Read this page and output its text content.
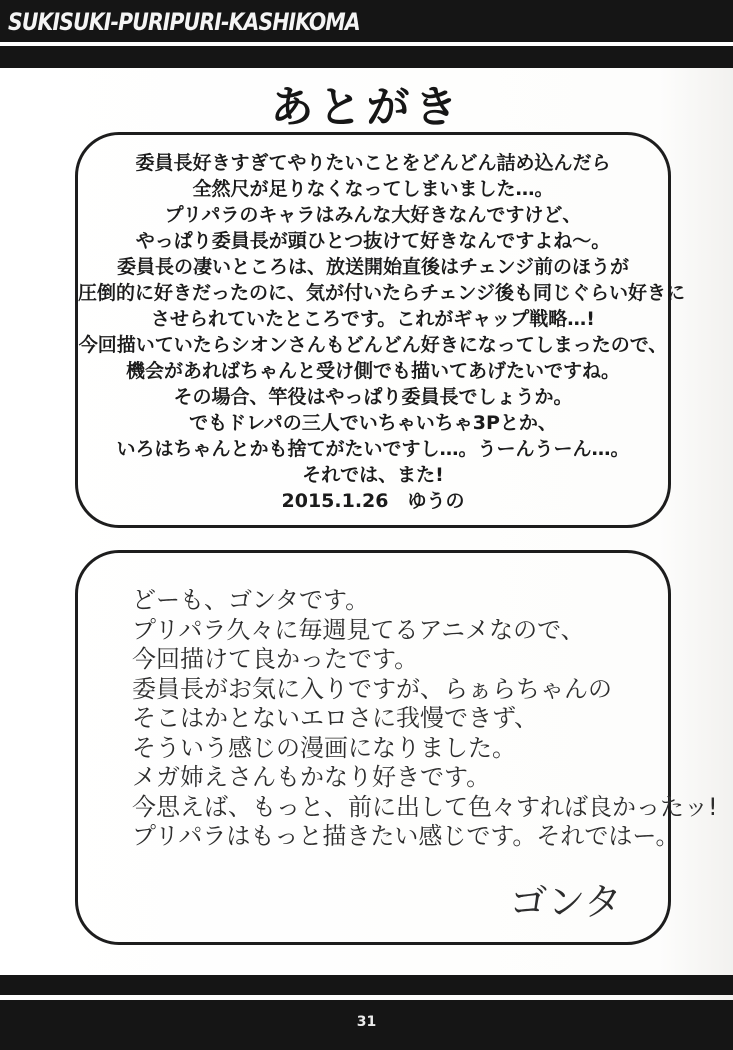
SUKISUKI-PURIPURI-KASHIKOMA
あとがき
委員長好きすぎてやりたいことをどんどん詰め込んだら
全然尺が足りなくなってしまいました…。
プリパラのキャラはみんな大好きなんですけど、
やっぱり委員長が頭ひとつ抜けて好きなんですよね～。
委員長の凄いところは、放送開始直後はチェンジ前のほうが
圧倒的に好きだったのに、気が付いたらチェンジ後も同じぐらい好きに
させられていたところです。これがギャップ戦略…!
今回描いていたらシオンさんもどんどん好きになってしまったので、
機会があればちゃんと受け側でも描いてあげたいですね。
その場合、竿役はやっぱり委員長でしょうか。
でもドレパの三人でいちゃいちゃ3Pとか、
いろはちゃんとかも捨てがたいですし…。うーんうーん…。
それでは、また!
2015.1.26　ゆうの
どーも、ゴンタです。
プリパラ久々に毎週見てるアニメなので、
今回描けて良かったです。
委員長がお気に入りですが、らぁらちゃんの
そこはかとないエロさに我慢できず、
そういう感じの漫画になりました。
メガ姉えさんもかなり好きです。
今思えば、もっと、前に出して色々すれば良かったッ!
プリパラはもっと描きたい感じです。それではー。
ゴンタ
31
